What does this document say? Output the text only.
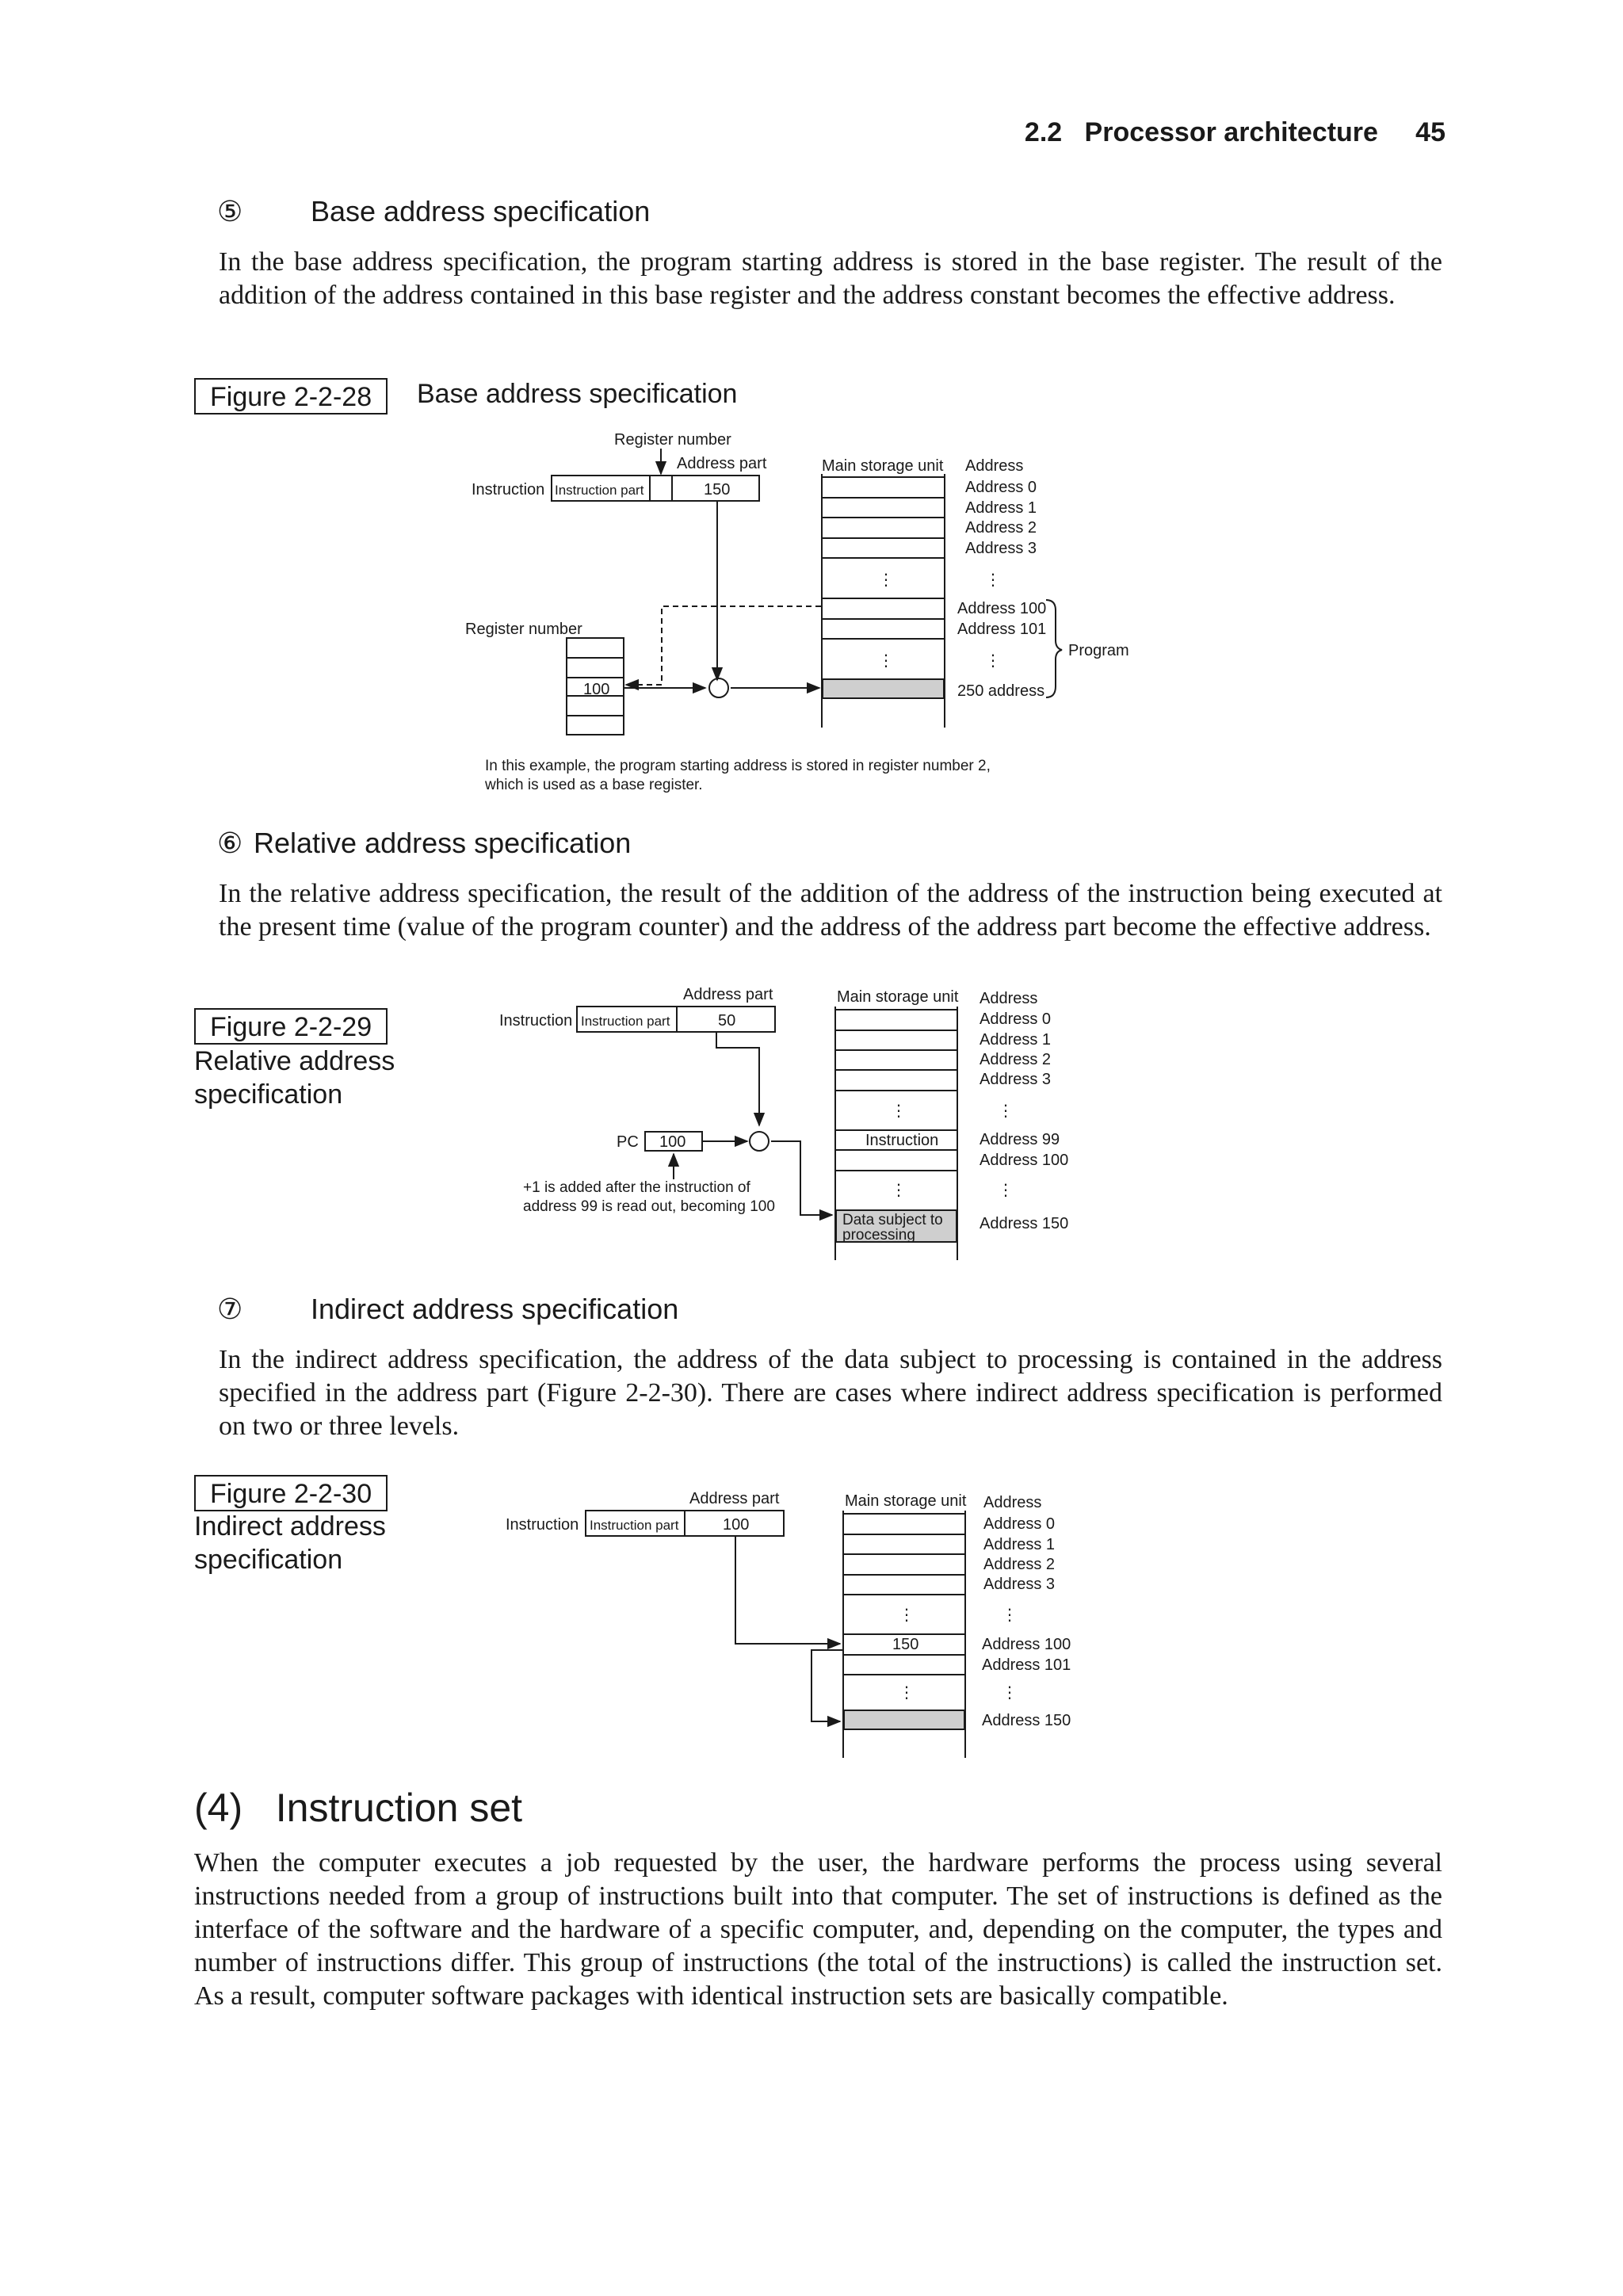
2.2 Processor architecture 45
⑤ Base address specification
In the base address specification, the program starting address is stored in the base register. The result of the addition of the address contained in this base register and the address constant becomes the effective address.
Figure 2-2-28	Base address specification
Register number
Address part
Instruction Instruction part	150
Main storage unit Address
Address 0
Address 1
Address 2
Address 3
⋮	⋮
Address 100
Address 101
⋮	⋮
250 address
Program
Register number
100
In this example, the program starting address is stored in register number 2,
which is used as a base register.
⑥ Relative address specification
In the relative address specification, the result of the addition of the address of the instruction being executed at the present time (value of the program counter) and the address of the address part become the effective address.
Figure 2-2-29
Relative address
specification
Address part
Instruction Instruction part	50
Main storage unit Address
Address 0
Address 1
Address 2
Address 3
⋮	⋮
PC 100	Instruction	Address 99
Address 100
⋮	⋮
Data subject to
processing
Address 150
+1 is added after the instruction of
address 99 is read out, becoming 100
⑦ Indirect address specification
In the indirect address specification, the address of the data subject to processing is contained in the address specified in the address part (Figure 2-2-30). There are cases where indirect address specification is performed on two or three levels.
Figure 2-2-30
Indirect address
specification
Address part
Instruction Instruction part	100
Main storage unit Address
Address 0
Address 1
Address 2
Address 3
⋮	⋮
150	Address 100
Address 101
⋮	⋮
Address 150
(4)   Instruction set
When the computer executes a job requested by the user, the hardware performs the process using several instructions needed from a group of instructions built into that computer. The set of instructions is defined as the interface of the software and the hardware of a specific computer, and, depending on the computer, the types and number of instructions differ. This group of instructions (the total of the instructions) is called the instruction set. As a result, computer software packages with identical instruction sets are basically compatible.
